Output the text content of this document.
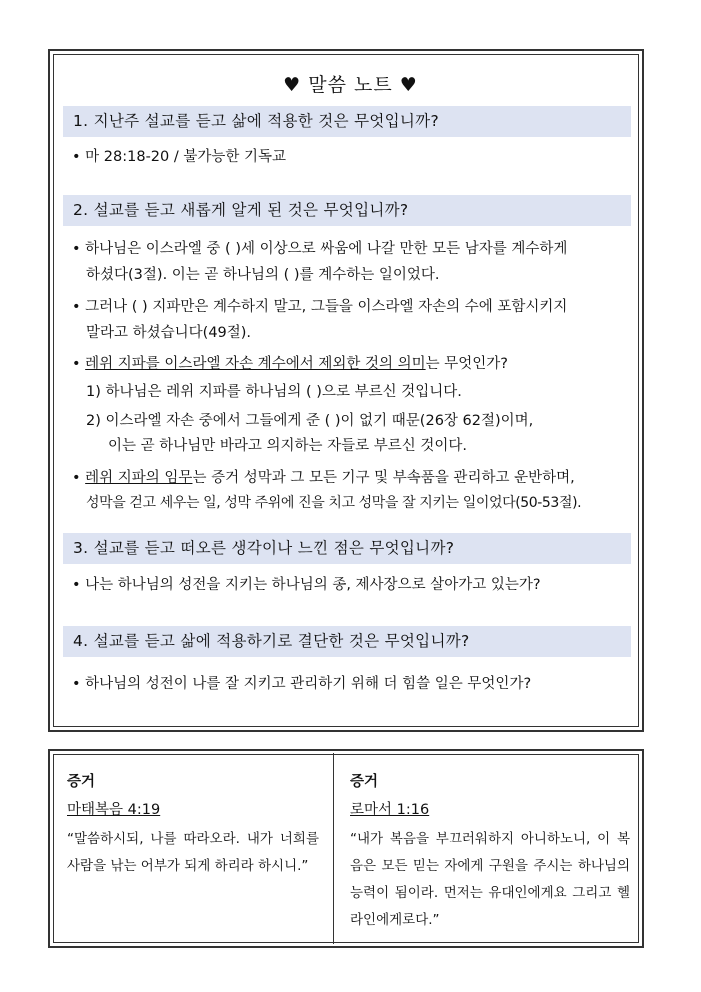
♥ 말씀 노트 ♥
1. 지난주 설교를 듣고 삶에 적용한 것은 무엇입니까?
• 마 28:18-20 / 불가능한 기독교
2. 설교를 듣고 새롭게 알게 된 것은 무엇입니까?
• 하나님은 이스라엘 중 ( )세 이상으로 싸움에 나갈 만한 모든 남자를 계수하게
하셨다(3절). 이는 곧 하나님의 ( )를 계수하는 일이었다.
• 그러나 ( ) 지파만은 계수하지 말고, 그들을 이스라엘 자손의 수에 포함시키지
말라고 하셨습니다(49절).
• 레위 지파를 이스라엘 자손 계수에서 제외한 것의 의미는 무엇인가?
1) 하나님은 레위 지파를 하나님의 ( )으로 부르신 것입니다.
2) 이스라엘 자손 중에서 그들에게 준 ( )이 없기 때문(26장 62절)이며,
이는 곧 하나님만 바라고 의지하는 자들로 부르신 것이다.
• 레위 지파의 임무는 증거 성막과 그 모든 기구 및 부속품을 관리하고 운반하며,
성막을 걷고 세우는 일, 성막 주위에 진을 치고 성막을 잘 지키는 일이었다(50-53절).
3. 설교를 듣고 떠오른 생각이나 느낀 점은 무엇입니까?
• 나는 하나님의 성전을 지키는 하나님의 종, 제사장으로 살아가고 있는가?
4. 설교를 듣고 삶에 적용하기로 결단한 것은 무엇입니까?
• 하나님의 성전이 나를 잘 지키고 관리하기 위해 더 힘쓸 일은 무엇인가?
증거
마태복음 4:19
“말씀하시되, 나를 따라오라. 내가 너희를 사람을 낚는 어부가 되게 하리라 하시니.”
증거
로마서 1:16
“내가 복음을 부끄러워하지 아니하노니, 이 복음은 모든 믿는 자에게 구원을 주시는 하나님의 능력이 됨이라. 먼저는 유대인에게요 그리고 헬라인에게로다.”
